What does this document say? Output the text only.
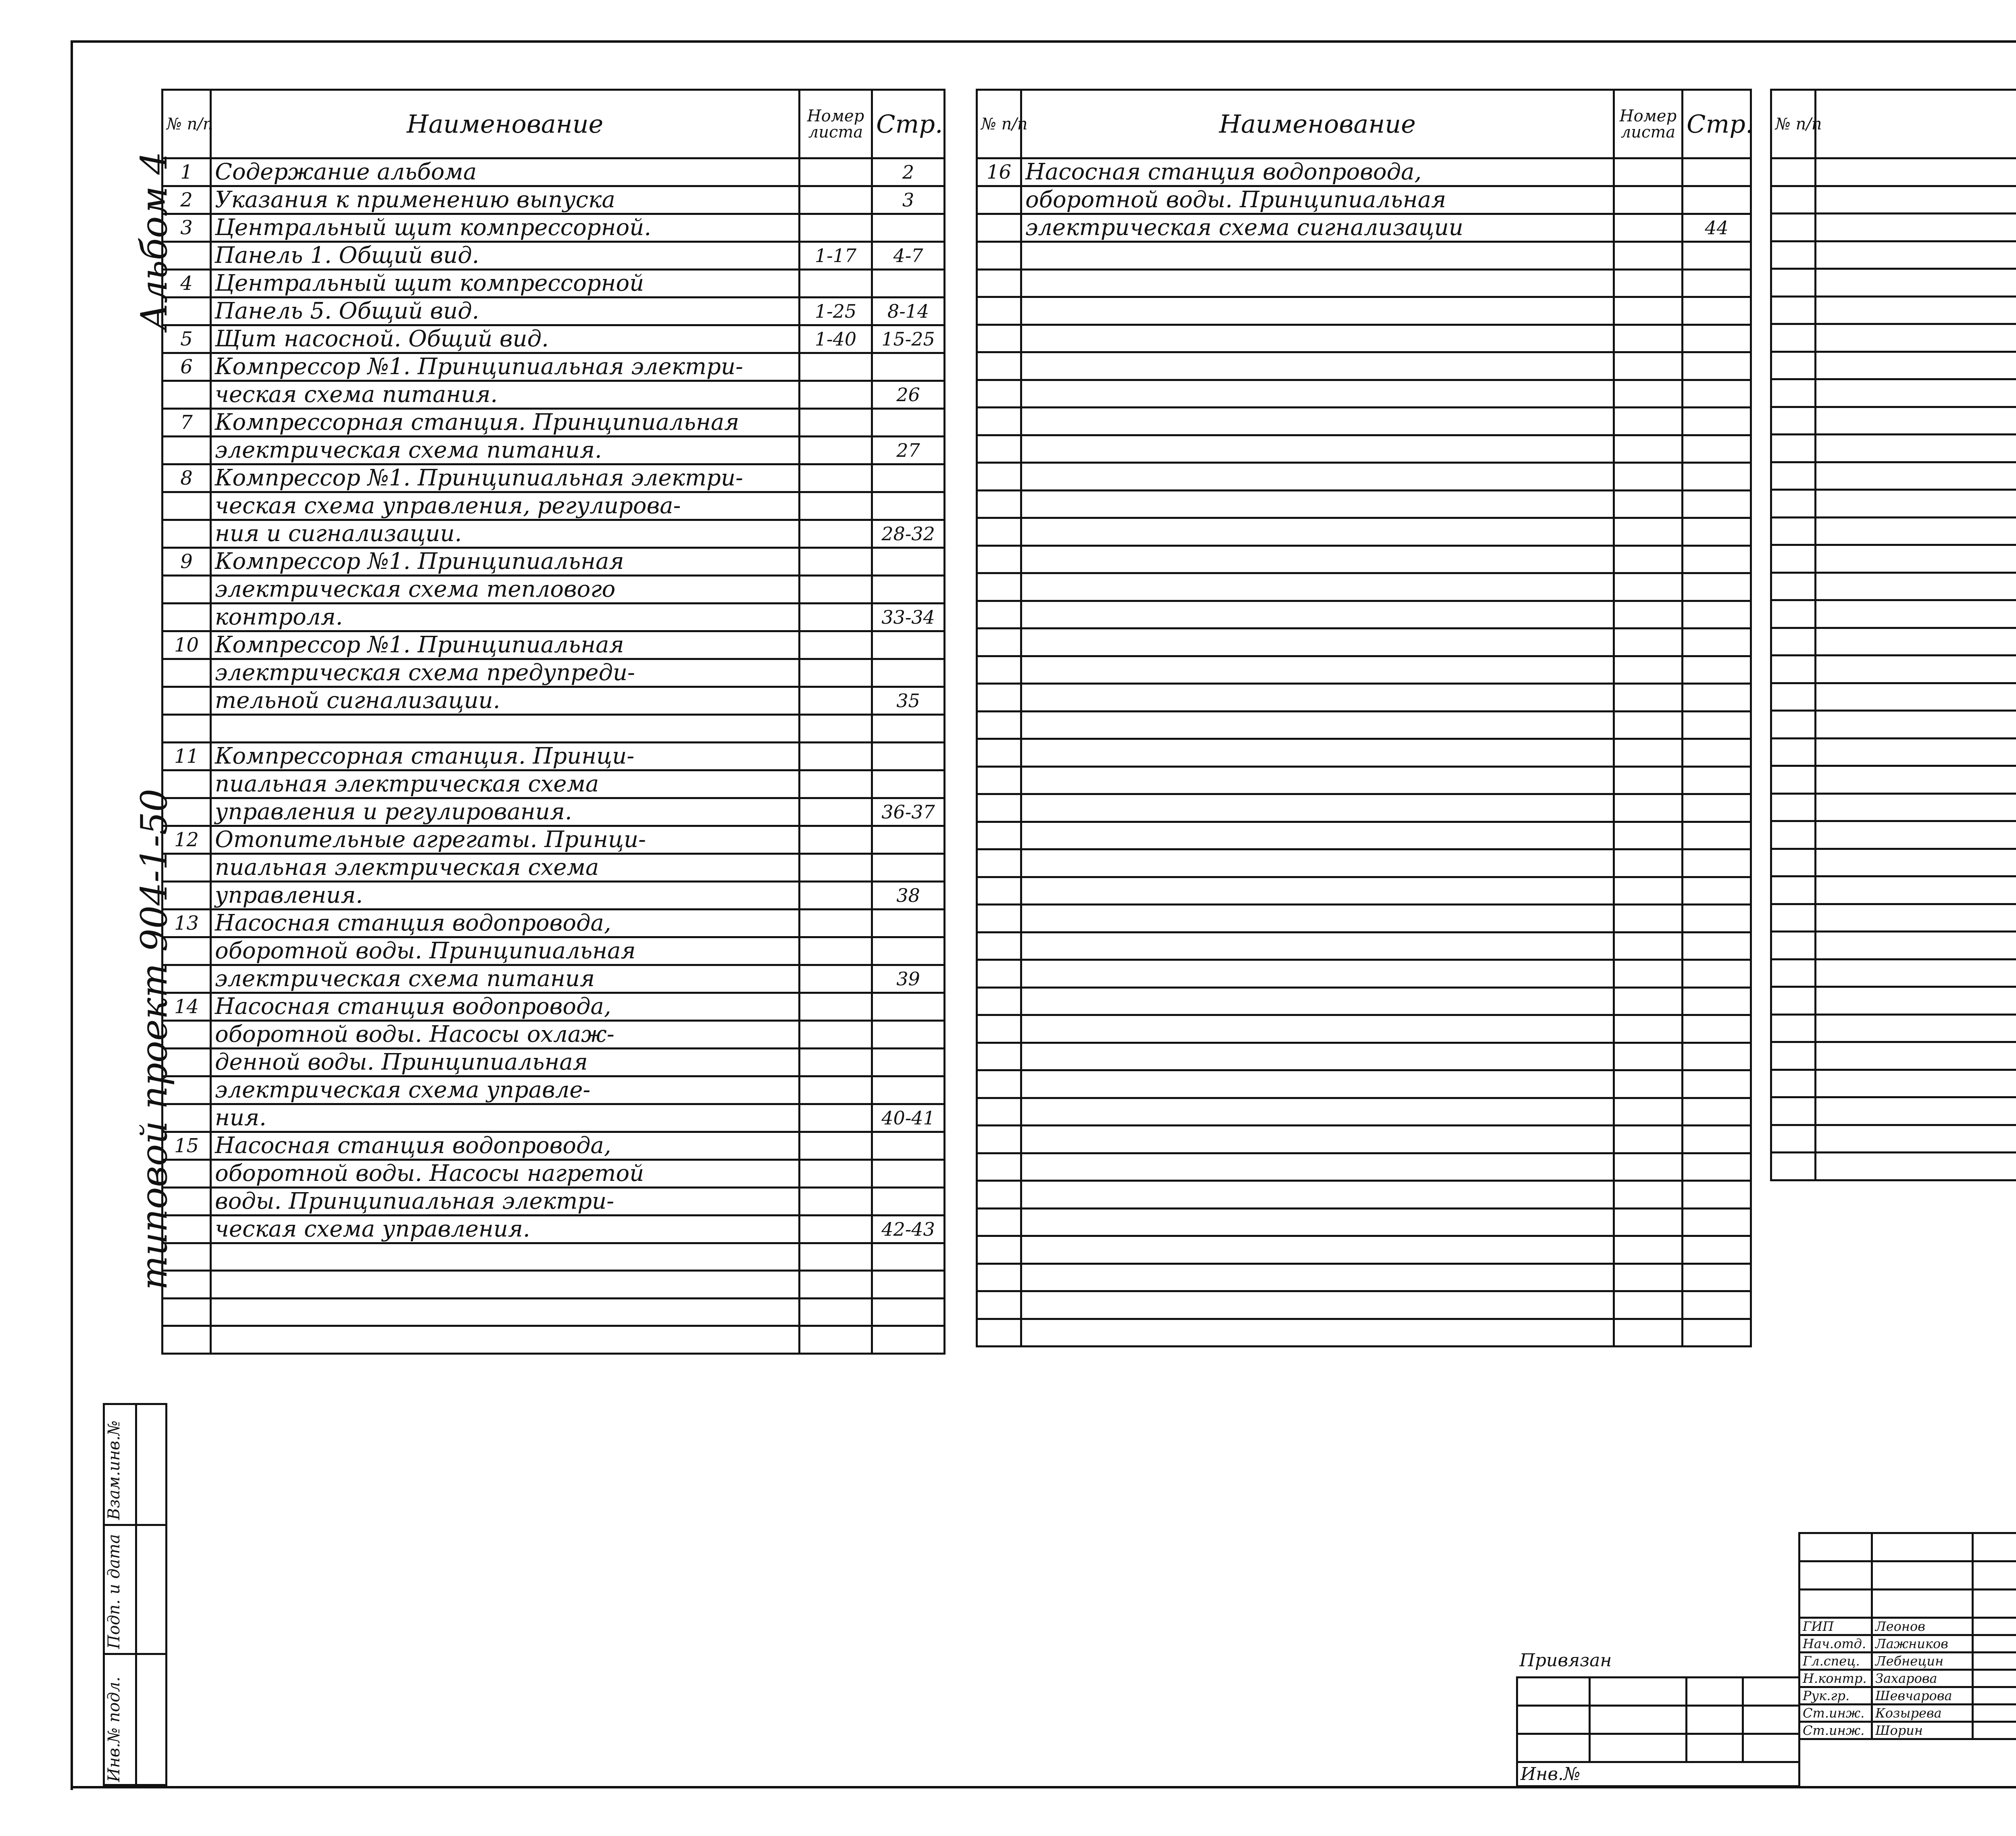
Альбом 4
типовой проект 904-1-50
Инв.№ подл.
Подп. и дата
Взам.инв.№
№ п/п	Наименование	Номер листа	Стр.
1	Содержание альбома		2
2	Указания к применению выпуска		3
3	Центральный щит компрессорной.		
	Панель 1. Общий вид.	1-17	4-7
4	Центральный щит компрессорной		
	Панель 5. Общий вид.	1-25	8-14
5	Щит насосной. Общий вид.	1-40	15-25
6	Компрессор №1. Принципиальная электри-		
	ческая схема питания.		26
7	Компрессорная станция. Принципиальная		
	электрическая схема питания.		27
8	Компрессор №1. Принципиальная электри-		
	ческая схема управления, регулирова-		
	ния и сигнализации.		28-32
9	Компрессор №1. Принципиальная		
	электрическая схема теплового		
	контроля.		33-34
10	Компрессор №1. Принципиальная		
	электрическая схема предупреди-		
	тельной сигнализации.		35

11	Компрессорная станция. Принци-		
	пиальная электрическая схема		
	управления и регулирования.		36-37
12	Отопительные агрегаты. Принци-		
	пиальная электрическая схема		
	управления.		38
13	Насосная станция водопровода,		
	оборотной воды. Принципиальная		
	электрическая схема питания		39
14	Насосная станция водопровода,		
	оборотной воды. Насосы охлаж-		
	денной воды. Принципиальная		
	электрическая схема управле-		
	ния.		40-41
15	Насосная станция водопровода,		
	оборотной воды. Насосы нагретой		
	воды. Принципиальная электри-		
	ческая схема управления.		42-43

№ п/п	Наименование	Номер листа	Стр.
16	Насосная станция водопровода,		
	оборотной воды. Принципиальная		
	электрическая схема сигнализации		44

№ п/п			

Привязан			

Инв.№			

ГИП	Леонов		
Нач.отд.	Лажников		
Гл.спец.	Лебнецин		
Н.контр.	Захарова		
Рук.гр.	Шевчарова		
Ст.инж.	Козырева		
Ст.инж.	Шорин		
